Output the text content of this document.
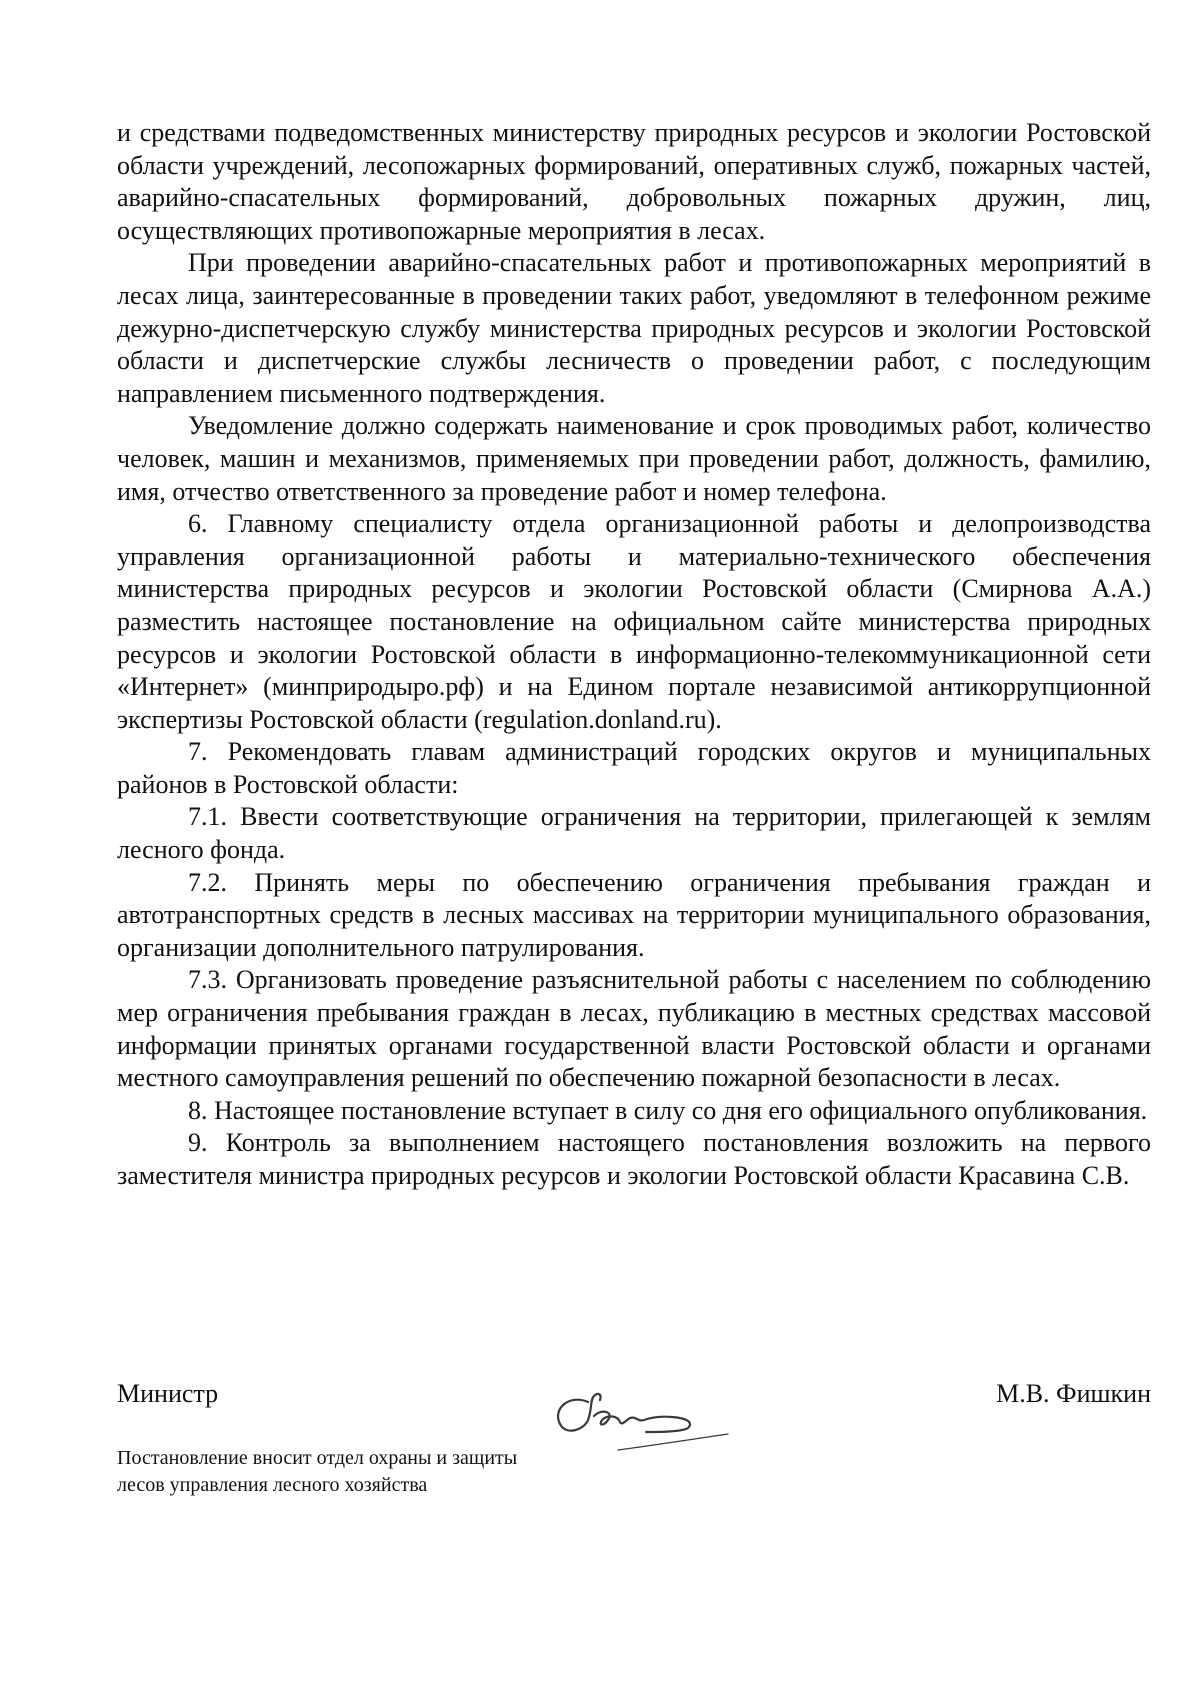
и средствами подведомственных министерству природных ресурсов и экологии Ростовской области учреждений, лесопожарных формирований, оперативных служб, пожарных частей, аварийно-спасательных формирований, добровольных пожарных дружин, лиц, осуществляющих противопожарные мероприятия в лесах.

При проведении аварийно-спасательных работ и противопожарных мероприятий в лесах лица, заинтересованные в проведении таких работ, уведомляют в телефонном режиме дежурно-диспетчерскую службу министерства природных ресурсов и экологии Ростовской области и диспетчерские службы лесничеств о проведении работ, с последующим направлением письменного подтверждения.

Уведомление должно содержать наименование и срок проводимых работ, количество человек, машин и механизмов, применяемых при проведении работ, должность, фамилию, имя, отчество ответственного за проведение работ и номер телефона.

6. Главному специалисту отдела организационной работы и делопроизводства управления организационной работы и материально-технического обеспечения министерства природных ресурсов и экологии Ростовской области (Смирнова А.А.) разместить настоящее постановление на официальном сайте министерства природных ресурсов и экологии Ростовской области в информационно-телекоммуникационной сети «Интернет» (минприродыро.рф) и на Едином портале независимой антикоррупционной экспертизы Ростовской области (regulation.donland.ru).

7. Рекомендовать главам администраций городских округов и муниципальных районов в Ростовской области:

7.1. Ввести соответствующие ограничения на территории, прилегающей к землям лесного фонда.

7.2. Принять меры по обеспечению ограничения пребывания граждан и автотранспортных средств в лесных массивах на территории муниципального образования, организации дополнительного патрулирования.

7.3. Организовать проведение разъяснительной работы с населением по соблюдению мер ограничения пребывания граждан в лесах, публикацию в местных средствах массовой информации принятых органами государственной власти Ростовской области и органами местного самоуправления решений по обеспечению пожарной безопасности в лесах.

8. Настоящее постановление вступает в силу со дня его официального опубликования.

9. Контроль за выполнением настоящего постановления возложить на первого заместителя министра природных ресурсов и экологии Ростовской области Красавина С.В.

Министр	М.В. Фишкин
Постановление вносит отдел охраны и защиты
лесов управления лесного хозяйства
